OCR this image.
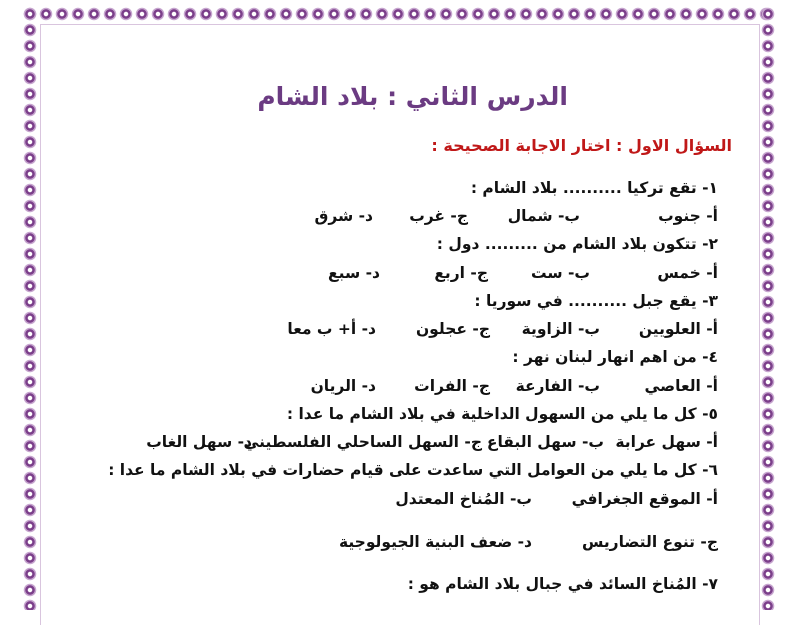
الدرس الثاني : بلاد الشام
السؤال الاول : اختار الاجابة الصحيحة :
١- تقع تركيا .......... بلاد الشام :
أ- جنوب
ب- شمال
ج- غرب
د- شرق
٢- تتكون بلاد الشام من ......... دول :
أ- خمس
ب- ست
ج- اربع
د- سبع
٣- يقع جبل .......... في سوريا :
أ- العلويين
ب- الزاوية
ج- عجلون
د- أ+ ب معا
٤- من اهم انهار لبنان نهر :
أ- العاصي
ب- الفارعة
ج- الفرات
د- الريان
٥- كل ما يلي من السهول الداخلية في بلاد الشام ما عدا :
أ- سهل عرابة
ب- سهل البقاع
ج- السهل الساحلي الفلسطيني
د- سهل الغاب
٦- كل ما يلي من العوامل التي ساعدت على قيام حضارات في بلاد الشام ما عدا :
أ- الموقع الجغرافي
ب- المُناخ المعتدل
ج- تنوع التضاريس
د- ضعف البنية الجيولوجية
٧- المُناخ السائد في جبال بلاد الشام هو :
